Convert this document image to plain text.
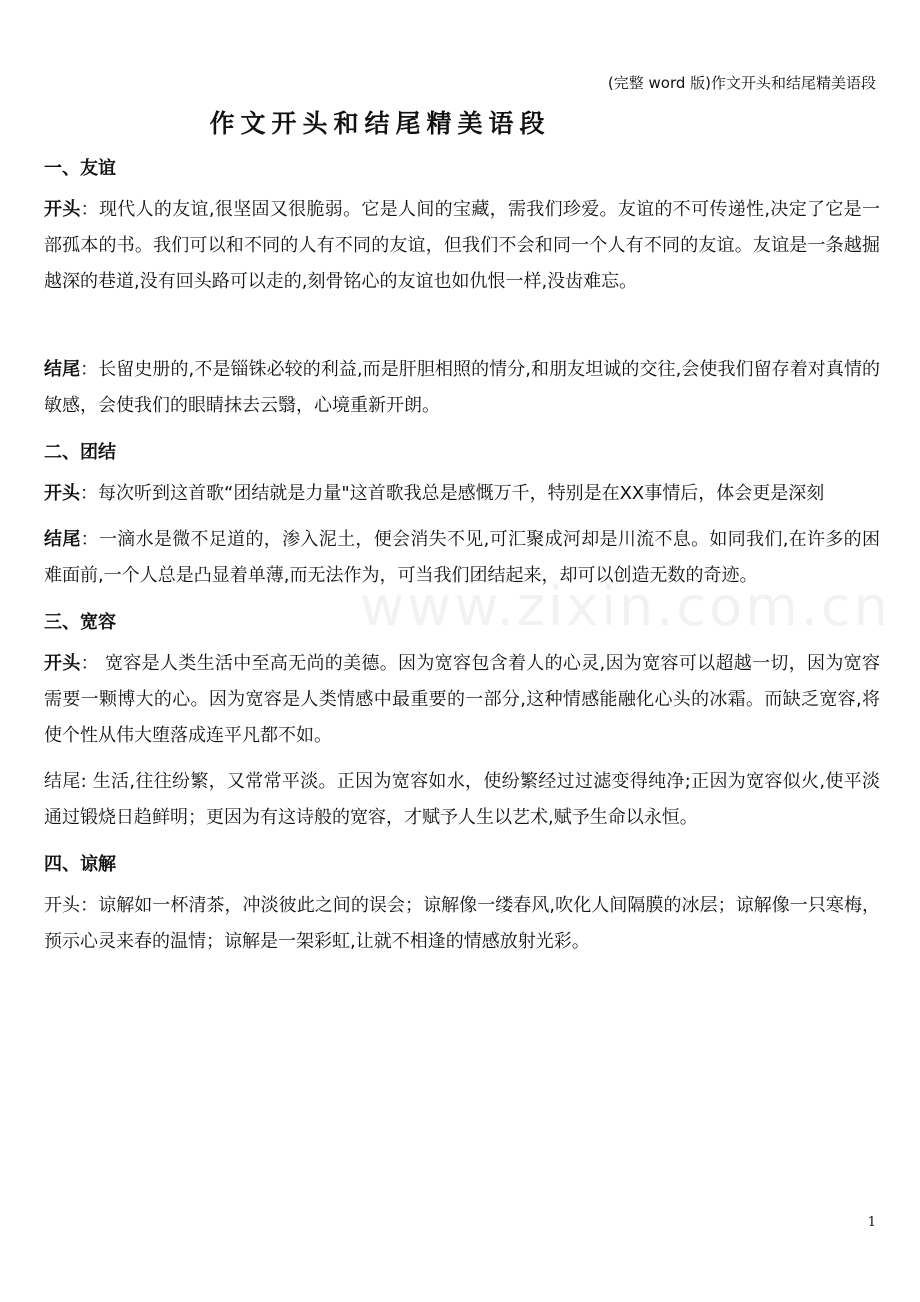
(完整 word 版)作文开头和结尾精美语段
作文开头和结尾精美语段
www.zixin.com.cn
一、友谊

开头：现代人的友谊,很坚固又很脆弱。它是人间的宝藏，需我们珍爱。友谊的不可传递性,决定了它是一部孤本的书。我们可以和不同的人有不同的友谊，但我们不会和同一个人有不同的友谊。友谊是一条越掘越深的巷道,没有回头路可以走的,刻骨铭心的友谊也如仇恨一样,没齿难忘。

结尾：长留史册的,不是锱铢必较的利益,而是肝胆相照的情分,和朋友坦诚的交往,会使我们留存着对真情的敏感，会使我们的眼睛抹去云翳，心境重新开朗。

二、团结

开头：每次听到这首歌“团结就是力量"这首歌我总是感慨万千，特别是在XX事情后，体会更是深刻

结尾：一滴水是微不足道的，渗入泥土，便会消失不见,可汇聚成河却是川流不息。如同我们,在许多的困难面前,一个人总是凸显着单薄,而无法作为，可当我们团结起来，却可以创造无数的奇迹。

三、宽容

开头： 宽容是人类生活中至高无尚的美德。因为宽容包含着人的心灵,因为宽容可以超越一切，因为宽容需要一颗博大的心。因为宽容是人类情感中最重要的一部分,这种情感能融化心头的冰霜。而缺乏宽容,将使个性从伟大堕落成连平凡都不如。

结尾: 生活,往往纷繁，又常常平淡。正因为宽容如水，使纷繁经过过滤变得纯净;正因为宽容似火,使平淡通过锻烧日趋鲜明；更因为有这诗般的宽容，才赋予人生以艺术,赋予生命以永恒。

四、谅解

开头：谅解如一杯清茶，冲淡彼此之间的误会；谅解像一缕春风,吹化人间隔膜的冰层；谅解像一只寒梅，预示心灵来春的温情；谅解是一架彩虹,让就不相逢的情感放射光彩。

1
